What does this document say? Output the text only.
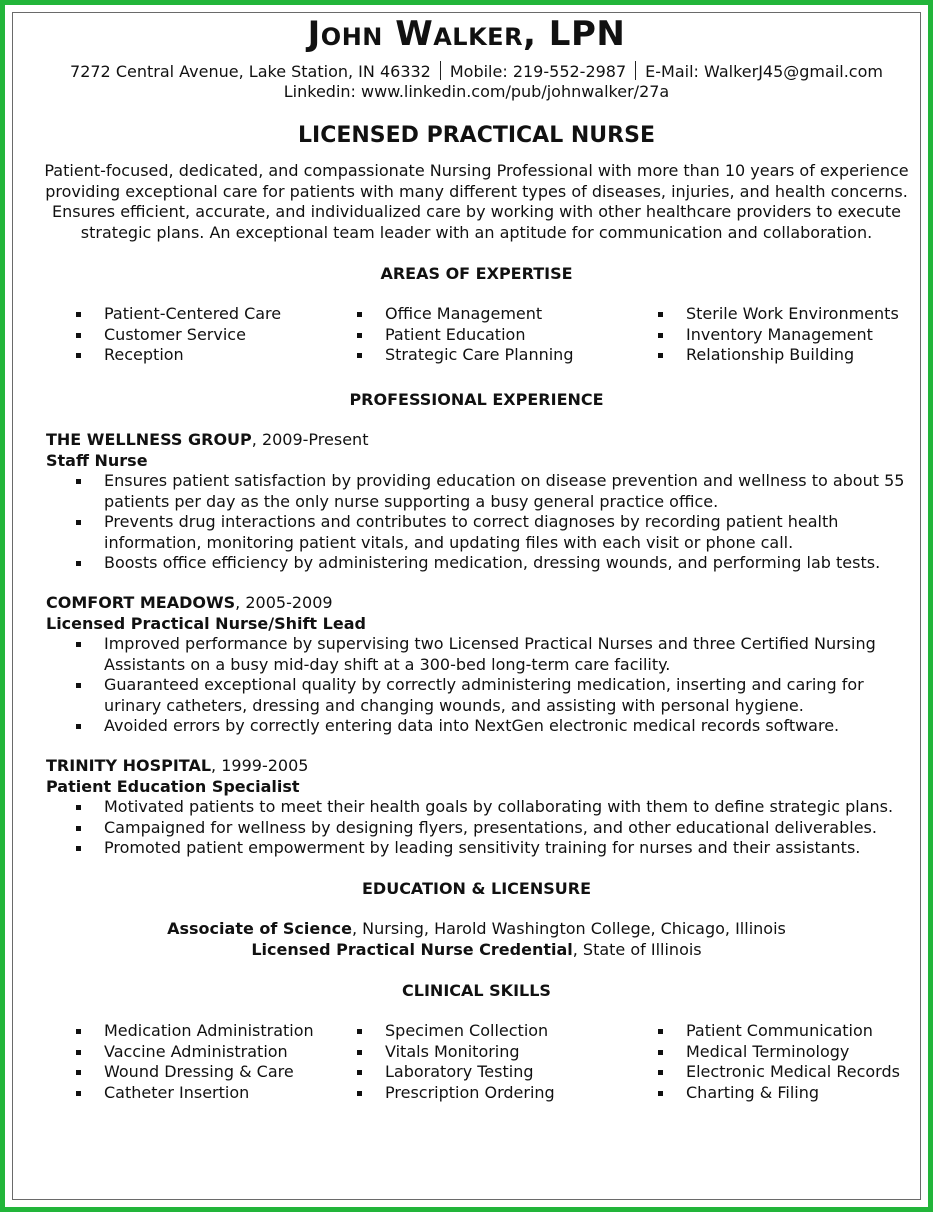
John Walker, LPN
7272 Central Avenue, Lake Station, IN 46332 Mobile: 219-552-2987 E-Mail: WalkerJ45@gmail.com
Linkedin: www.linkedin.com/pub/johnwalker/27a
LICENSED PRACTICAL NURSE
Patient-focused, dedicated, and compassionate Nursing Professional with more than 10 years of experience providing exceptional care for patients with many different types of diseases, injuries, and health concerns. Ensures efficient, accurate, and individualized care by working with other healthcare providers to execute strategic plans. An exceptional team leader with an aptitude for communication and collaboration.
AREAS OF EXPERTISE
Patient-Centered Care
Customer Service
Reception
Office Management
Patient Education
Strategic Care Planning
Sterile Work Environments
Inventory Management
Relationship Building
PROFESSIONAL EXPERIENCE
THE WELLNESS GROUP, 2009-Present
Staff Nurse
Ensures patient satisfaction by providing education on disease prevention and wellness to about 55 patients per day as the only nurse supporting a busy general practice office.
Prevents drug interactions and contributes to correct diagnoses by recording patient health information, monitoring patient vitals, and updating files with each visit or phone call.
Boosts office efficiency by administering medication, dressing wounds, and performing lab tests.
COMFORT MEADOWS, 2005-2009
Licensed Practical Nurse/Shift Lead
Improved performance by supervising two Licensed Practical Nurses and three Certified Nursing Assistants on a busy mid-day shift at a 300-bed long-term care facility.
Guaranteed exceptional quality by correctly administering medication, inserting and caring for urinary catheters, dressing and changing wounds, and assisting with personal hygiene.
Avoided errors by correctly entering data into NextGen electronic medical records software.
TRINITY HOSPITAL, 1999-2005
Patient Education Specialist
Motivated patients to meet their health goals by collaborating with them to define strategic plans.
Campaigned for wellness by designing flyers, presentations, and other educational deliverables.
Promoted patient empowerment by leading sensitivity training for nurses and their assistants.
EDUCATION & LICENSURE
Associate of Science, Nursing, Harold Washington College, Chicago, Illinois
Licensed Practical Nurse Credential, State of Illinois
CLINICAL SKILLS
Medication Administration
Vaccine Administration
Wound Dressing & Care
Catheter Insertion
Specimen Collection
Vitals Monitoring
Laboratory Testing
Prescription Ordering
Patient Communication
Medical Terminology
Electronic Medical Records
Charting & Filing
